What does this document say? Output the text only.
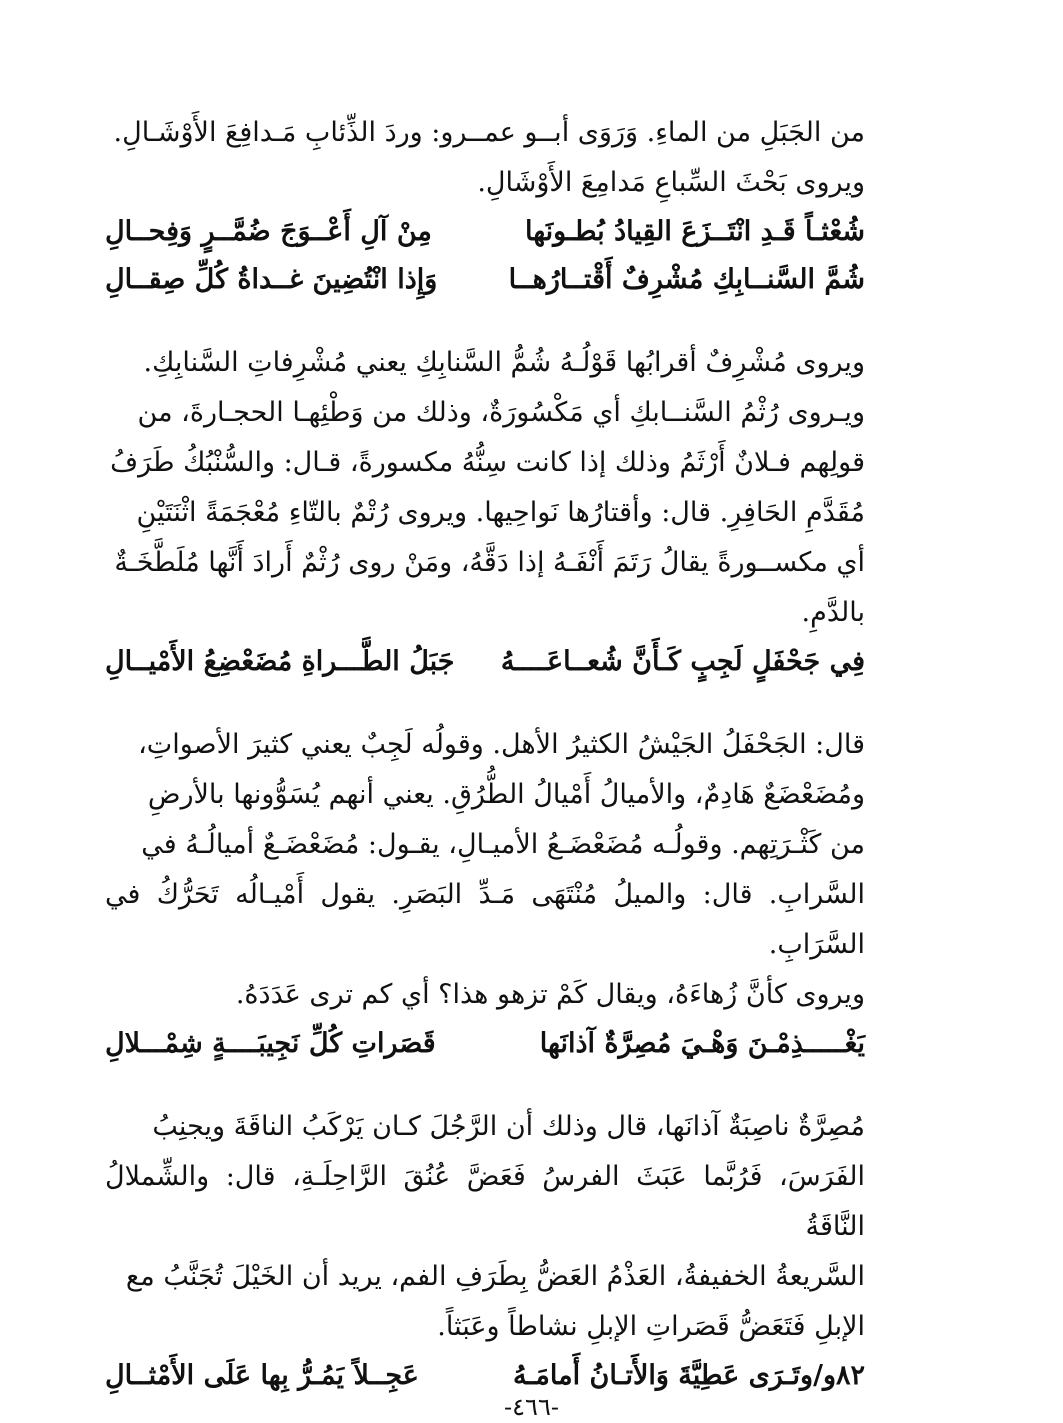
من الجَبَلِ من الماءِ. وَرَوَى أبــو عمــرو: وردَ الذِّئابِ مَـدافِعَ الأَوْشَـالِ.

ويروى بَحْثَ السِّباعِ مَدامِعَ الأَوْشَالِ.

شُعْثـاً قَـدِ انْتَــزَعَ القِيادُ بُطـونَها
مِنْ آلِ أَعْــوَجَ ضُمَّــرٍ وَفِحــالِ
شُمَّ السَّنــابِكِ مُشْرِفٌ أَقْتــارُهــا
وَإِذا انْتُضِينَ غــداةُ كُلِّ صِقــالِ

ويروى مُشْرِفٌ أقرابُها قَوْلُـهُ شُمُّ السَّنابِكِ يعني مُشْرِفاتِ السَّنابِكِ.

ويـروى رُثْمُ السَّنــابكِ أي مَكْسُورَةٌ، وذلك من وَطْئِهـا الحجـارةَ، من

قولِهم فـلانٌ أَرْثَمُ وذلك إذا كانت سِنُّهُ مكسورةً، قـال: والسُّنْبُكُ طَرَفُ

مُقَدَّمِ الحَافِرِ. قال: وأقتارُها نَواحِيها. ويروى رُتْمٌ بالتّاءِ مُعْجَمَةً اثْنَتَيْنِ

أي مكســورةً يقالُ رَتَمَ أَنْفَـهُ إذا دَقَّهُ، ومَنْ روى رُثْمٌ أَرادَ أَنَّها مُلَطَّخَـةٌ

بالدَّمِ.

فِي جَحْفَلٍ لَجِبٍ كَـأَنَّ شُعــاعَــــهُ
جَبَلُ الطَّـــراةِ مُضَعْضِعُ الأَمْيــالِ

قال: الجَحْفَلُ الجَيْشُ الكثيرُ الأهل. وقولُه لَجِبٌ يعني كثيرَ الأصواتِ،

ومُضَعْضَعٌ هَادِمٌ، والأميالُ أَمْيالُ الطُّرُقِ. يعني أنهم يُسَوُّونها بالأرضِ

من كَثْـرَتِهم. وقولُـه مُضَعْضَـعُ الأميـالِ، يقـول: مُضَعْضَـعٌ أميالُـهُ في

السَّرابِ. قال: والميلُ مُنْتَهَى مَـدِّ البَصَرِ. يقول أَمْيـالُه تَحَرُّكُ في السَّرَابِ.

ويروى كأنَّ زُهاءَهُ، ويقال كَمْ تزهو هذا؟ أي كم ترى عَدَدَهُ.

يَغْـــــذِمْـنَ وَهْـيَ مُصِرَّةٌ آذانَها
قَصَراتِ كُلِّ نَجِيبَــــةٍ شِمْـــلالِ

مُصِرَّةٌ ناصِبَةٌ آذانَها، قال وذلك أن الرَّجُلَ كـان يَرْكَبُ الناقَةَ ويجنِبُ

الفَرَسَ، فَرُبَّما عَبَثَ الفرسُ فَعَضَّ عُنُقَ الرَّاحِلَـةِ، قال: والشِّملالُ النَّاقَةُ

السَّريعةُ الخفيفةُ، العَذْمُ العَضُّ بِطَرَفِ الفم، يريد أن الخَيْلَ تُجَنَّبُ مع

الإبلِ فَتَعَضُّ قَصَراتِ الإبلِ نشاطاً وعَبَثاً.

٨٢و/وتَـرَى عَطِيَّةَ وَالأَتـانُ أَمامَـهُ
عَجِــلاً يَمُـرُّ بِها عَلَى الأَمْثــالِ
-٤٦٦-
